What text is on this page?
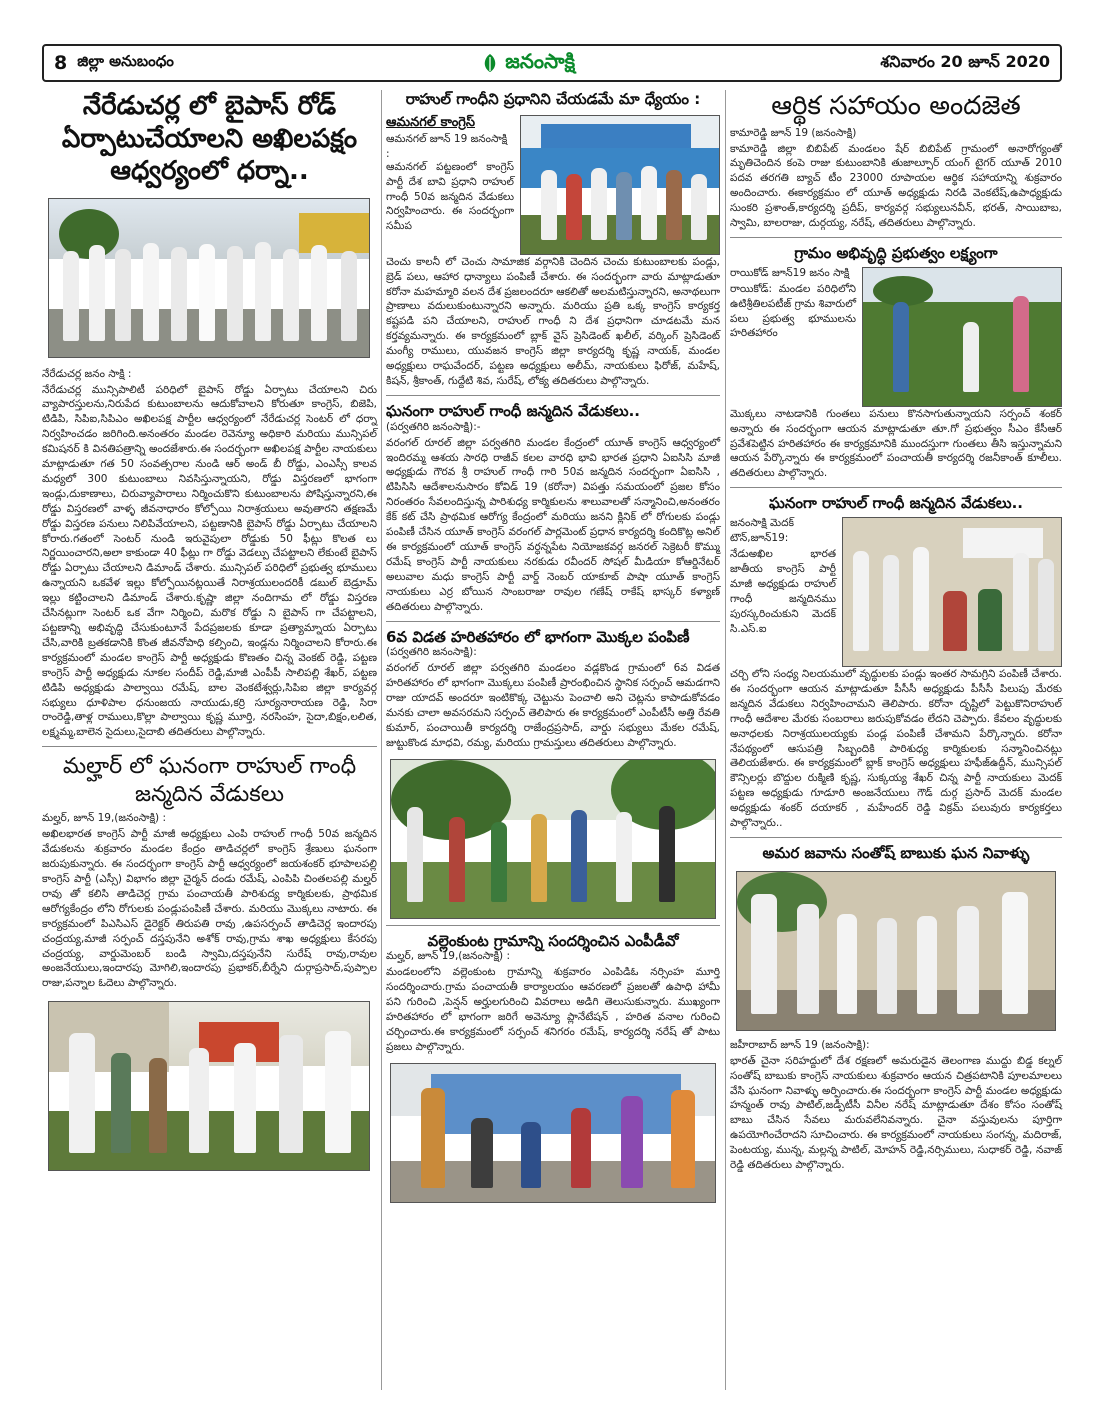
8 జిల్లా అనుబంధం	జనంసాక్షి	శనివారం 20 జూన్ 2020
నేరేడుచర్ల లో బైపాస్ రోడ్ ఏర్పాటుచేయాలని అఖిలపక్షం ఆధ్వర్యంలో ధర్నా..
నేరేడుచర్ల జనం సాక్షి :
నేరేడుచర్ల మున్సిపాలిటీ పరిధిలో బైపాస్ రోడ్డు ఏర్పాటు చేయాలని చిరు వ్యాపారస్తులను,నిరుపేద కుటుంబాలను ఆదుకోవాలని కోరుతూ కాంగ్రెస్, బిజెపి, టిడిపి, సిపిఐ,సిపిఎం అఖిలపక్ష పార్టీల ఆధ్వర్యంలో నేరేడుచర్ల సెంటర్ లో ధర్నా నిర్వహించడం జరిగింది.అనంతరం మండల రెవెన్యూ అధికారి మరియు మున్సిపల్ కమిషనర్ కి వినతిపత్రాన్ని అందజేశారు.ఈ సందర్భంగా అఖిలపక్ష పార్టీల నాయకులు మాట్లాడుతూ గత 50 సంవత్సరాల నుండి ఆర్ అండ్ బీ రోడ్డు, ఎంఎస్సీ కాలవ మధ్యలో 300 కుటుంబాలు నివసిస్తున్నాయని, రోడ్డు విస్తరణలో భాగంగా ఇండ్లు,దుకాణాలు, చిరువ్యాపారాలు నిర్మించుకొని కుటుంబాలను పోషిస్తున్నారని,ఈ రోడ్డు విస్తరణలో వాళ్ళ జీవనాధారం కోల్పోయి నిరాశ్రయులు అవుతారని తక్షణమే రోడ్డు విస్తరణ పనులు నిలిపివేయాలని, పట్టణానికి బైపాస్ రోడ్డు ఏర్పాటు చేయాలని కోరారు.గతంలో సెంటర్ నుండి ఇరువైపులా రోడ్డుకు 50 ఫీట్లు కొలత లు నిర్ణయించారని,అలా కాకుండా 40 ఫీట్లు గా రోడ్డు వెడల్పు చేపట్టాలని లేకుంటే బైపాస్ రోడ్డు ఏర్పాటు చేయాలని డిమాండ్ చేశారు. మున్సిపల్ పరిధిలో ప్రభుత్వ భూములు ఉన్నాయని ఒకవేళ ఇల్లు కోల్పోయినట్లయితే నిరాశ్రయులందరికీ డబుల్ బెడ్రూమ్ ఇల్లు కట్టించాలని డిమాండ్ చేశారు.కృష్ణా జిల్లా నందిగామ లో రోడ్డు విస్తరణ చేసినట్లుగా సెంటర్ ఒక వేగా నిర్మించి, మరొక రోడ్డు ని బైపాస్ గా చేపట్టాలని, పట్టణాన్ని అభివృద్ధి చేసుకుంటూనే పేదప్రజలకు కూడా ప్రత్యామ్నాయ ఏర్పాటు చేసి,వారికి బ్రతకడానికి కొంత జీవనోపాధి కల్పించి, ఇండ్లను నిర్మించాలని కోరారు.ఈ కార్యక్రమంలో మండల కాంగ్రెస్ పార్టీ అధ్యక్షుడు కొణతం చిన్న వెంకట్ రెడ్డి, పట్టణ కాంగ్రెస్ పార్టీ అధ్యక్షుడు నూకల సందీప్ రెడ్డి,మాజీ ఎంపీపీ సాలిపల్లి శేఖర్, పట్టణ టిడిపి అధ్యక్షుడు పాల్వాయి రమేష్, బాల వెంకటేశ్వర్లు,సిపిఐ జిల్లా కార్యవర్గ సభ్యులు ధూళిపాల ధనుంజయ నాయుడు,కర్రి సూర్యనారాయణ రెడ్డి, సిరా రాంరెడ్డి,తాళ్ల రాములు,కొల్లా పాల్వాయి కృష్ణ మూర్తి, నరసింహ, సైదా,బిక్షం,లలిత, లక్ష్మమ్మ,బాలెన సైదులు,సైదాబి తదితరులు పాల్గొన్నారు.
మల్హార్ లో ఘనంగా రాహుల్ గాంధీ జన్మదిన వేడుకలు
మల్హర్, జూన్ 19,(జనంసాక్షి) :
అఖిలభారత కాంగ్రెస్ పార్టీ మాజీ అధ్యక్షులు ఎంపి రాహుల్ గాంధీ 50వ జన్మదిన వేడుకలను శుక్రవారం మండల కేంద్రం తాడిచర్లలో కాంగ్రెస్ శ్రేణులు ఘనంగా జరుపుకున్నారు. ఈ సందర్భంగా కాంగ్రెస్ పార్టీ ఆధ్వర్యంలో జయశంకర్ భూపాలపల్లి కాంగ్రెస్ పార్టీ (ఎస్సీ) విభాగం జిల్లా చైర్మన్ దండు రమేష్, ఎంపిపి చింతలపల్లి మల్హర్ రావు తో కలిసి తాడిచెర్ల గ్రామ పంచాయతీ పారిశుద్య కార్మికులకు, ప్రాథమిక ఆరోగ్యకేంద్రం లోని రోగులకు పండ్లుపంపిణీ చేశారు. మరియు మొక్కలు నాటారు. ఈ కార్యక్రమంలో పిఎసిఎస్ డైరెక్టర్ తిరుపతి రావు ,ఉపసర్పంచ్ తాడిచెర్ల ఇందారపు చంద్రయ్య,మాజీ సర్పంచ్ దస్తపునేని అశోక్ రావు,గ్రామ శాఖ అధ్యక్షులు కేసరపు చంద్రయ్య, వార్డుమెంబర్ బండి స్వామి,దస్తపునేని సురేష్ రావు,రావుల అంజనేయులు,ఇందారపు మోగిలి,ఇందారపు ప్రభాకర్,బీర్నేని దుర్గాప్రసాద్,పుప్పాల రాజు,పన్నాల ఓదెలు పాల్గొన్నారు.
రాహుల్ గాంధీని ప్రధానిని చేయడమే మా ధ్యేయం :
ఆమనగల్ కాంగ్రెస్
ఆమనగల్ జూన్ 19 జనంసాక్షి :
ఆమనగల్ పట్టణంలో కాంగ్రెస్ పార్టీ దేశ బావి ప్రధాని రాహుల్ గాంధీ 50వ జన్మదిన వేడుకలు నిర్వహించారు. ఈ సందర్భంగా సమీప
చెంచు కాలనీ లో చెంచు సామాజిక వర్గానికి చెందిన చెంచు కుటుంబాలకు పండ్లు, బ్రెడ్ పలు, ఆహార ధాన్యాలు పంపిణీ చేశారు. ఈ సందర్భంగా వారు మాట్లాడుతూ కరోనా మహమ్మారి వలన దేశ ప్రజలందరూ ఆకలితో అలమటిస్తున్నారని, అనాథలుగా ప్రాణాలు వదులుకుంటున్నారని అన్నారు. మరియు ప్రతి ఒక్క కాంగ్రెస్ కార్యకర్త కష్టపడి పని చేయాలని, రాహుల్ గాంధీ ని దేశ ప్రధానిగా చూడటమే మన కర్తవ్యమన్నారు. ఈ కార్యక్రమంలో బ్లాక్ వైస్ ప్రెసిడెంట్ ఖలీల్, వర్కింగ్ ప్రెసిడెంట్ మంగ్యీ రాములు, యువజన కాంగ్రెస్ జిల్లా కార్యదర్శి కృష్ణ నాయక్, మండల అధ్యక్షులు రాఘవేందర్, పట్టణ అధ్యక్షులు అలీమ్, నాయకులు ఫిరోజ్, మహేష్, కిషన్, శ్రీకాంత్, గుద్దేటి శివ, సురేష్, లోక్య తదితరులు పాల్గొన్నారు.
ఘనంగా రాహుల్ గాంధీ జన్మదిన వేడుకలు..
(పర్వతగిరి జనంసాక్షి):-
వరంగల్ రూరల్ జిల్లా పర్వతగిరి మండల కేంద్రంలో యూత్ కాంగ్రెస్ ఆధ్వర్యంలో ఇందిరమ్మ ఆశయ సారధి రాజీవ్ కలల వారధి భావి భారత ప్రధాని ఏఐసిసి మాజీ అధ్యక్షుడు గౌరవ శ్రీ రాహుల్ గాంధీ గారి 50వ జన్మదిన సందర్భంగా ఏఐసిసి , టిపిసిసి ఆదేశాలనుసారం కోవిడ్ 19 (కరోనా) విపత్తు సమయంలో ప్రజల కోసం నిరంతరం సేవలందిస్తున్న పారిశుధ్య కార్మికులను శాలువాలతో సన్మానించి,అనంతరం కేక్ కట్ చేసి ప్రాథమిక ఆరోగ్య కేంద్రంలో మరియు జనని క్లినిక్ లో రోగులకు పండ్లు పంపిణీ చేసిన యూత్ కాంగ్రెస్ వరంగల్ పార్లమెంట్ ప్రధాన కార్యదర్శి కందికొట్ల అనిల్ ఈ కార్యక్రమంలో యూత్ కాంగ్రెస్ వర్ధన్నపేట నియోజకవర్గ జనరల్ సెక్రెటరీ కొమ్ము రమేష్ కాంగ్రెస్ పార్టీ నాయకులు నరకుడు రవీందర్ సోషల్ మీడియా కోఆర్డినేటర్ అలువాల మధు కాంగ్రెస్ పార్టీ వార్డ్ నెంబర్ యాకూబ్ పాషా యూత్ కాంగ్రెస్ నాయకులు ఎర్ర బోయిన సాంబరాజు రావుల గణేష్ రాకేష్ భాస్కర్ కళ్యాణ్ తదితరులు పాల్గొన్నారు.
6వ విడత హరితహారం లో భాగంగా మొక్కల పంపిణీ
(పర్వతగిరి జనంసాక్షి):
వరంగల్ రూరల్ జిల్లా పర్వతగిరి మండలం వడ్లకొండ గ్రామంలో 6వ విడత హరితహారం లో భాగంగా మొక్కలు పంపిణీ ప్రారంభించిన స్థానిక సర్పంచ్ ఆమడగాని రాజు యాదవ్ అందరూ ఇంటికొక్క చెట్టును పెంచాలి అని చెట్లను కాపాడుకోవడం మనకు చాలా అవసరమని సర్పంచ్ తెలిపారు ఈ కార్యక్రమంలో ఎంపీటీసీ అత్తి రేవతి కుమార్, పంచాయితీ కార్యదర్శి రాజేంద్రప్రసాద్, వార్డు సభ్యులు మేకల రమేష్, జుట్టుకొండ మాధవి, రమ్య, మరియు గ్రామస్తులు తదితరులు పాల్గొన్నారు.
వల్లెంకుంట గ్రామాన్ని సందర్శించిన ఎంపీడీవో
మల్హర్, జూన్ 19,(జనంసాక్షి) :
మండలంలోని వల్లెంకుంట గ్రామాన్ని శుక్రవారం ఎంపిడిఓ నర్సింహ మూర్తి సందర్శించారు.గ్రామ పంచాయతీ కార్యాలయం ఆవరణలో ప్రజలతో ఉపాధి హామీ పని గురించి ,పెన్షన్ అర్హులగురించి వివరాలు అడిగి తెలుసుకున్నారు. ముఖ్యంగా హరితహారం లో భాగంగా జరిగే అవెన్యూ ప్లానేటేషన్ , హరిత వనాల గురించి చర్చించారు.ఈ కార్యక్రమంలో సర్పంచ్ శనిగరం రమేష్, కార్యదర్శి నరేష్ తో పాటు ప్రజలు పాల్గొన్నారు.
ఆర్థిక సహాయం అందజెత
కామారెడ్డి జూన్ 19 (జనంసాక్షి)
కామారెడ్డి జిల్లా బిబిపేట్ మండలం షేర్ బిబిపేట్ గ్రామంలో అనారోగ్యంతో మృతిచెందిన కంపె రాజు కుటుంబానికి తుజాల్పూర్ యంగ్ టైగర్ యూత్ 2010 పదవ తరగతి బ్యాచ్ టీం 23000 రూపాయల ఆర్థిక సహాయాన్ని శుక్రవారం అందించారు. ఈకార్యక్రమం లో యూత్ అధ్యక్షుడు నిరడి వెంకటేష్,ఉపాధ్యక్షుడు సుంకరి ప్రశాంత్,కార్యదర్శి ప్రదీప్, కార్యవర్గ సభ్యులునవీన్, భరత్, సాయిబాబ, స్వామి, బాలరాజు, దుర్గయ్య, నరేష్, తదితరులు పాల్గొన్నారు.
గ్రామం అభివృద్ధి ప్రభుత్వం లక్ష్యంగా
రాయికోడ్ జూన్19 జనం సాక్షి
రాయికోడ్: మండల పరిధిలోని ఉటిశ్రీతిలపటీజ్ గ్రామ శివారులో పలు ప్రభుత్వ భూములను హరితహారం
మొక్కలు నాటడానికి గుంతలు పనులు కొనసాగుతున్నాయని సర్పంచ్ శంకర్ అన్నారు ఈ సందర్భంగా ఆయన మాట్లాడుతూ తూ.గో ప్రభుత్వం సీఎం కేసీఆర్ ప్రవేశపెట్టిన హరితహారం ఈ కార్యక్రమానికి ముందస్తుగా గుంతలు తీసి ఇస్తున్నామని ఆయన పేర్కొన్నారు ఈ కార్యక్రమంలో పంచాయతీ కార్యదర్శి రజనీకాంత్ కూలీలు. తదితరులు పాల్గొన్నారు.
ఘనంగా రాహుల్ గాంధీ జన్మదిన వేడుకలు..
జనంసాక్షి మెదక్ టౌన్,జూన్19:
నేడుఅఖిల భారత జాతీయ కాంగ్రెస్ పార్టీ మాజీ అధ్యక్షుడు రాహుల్ గాంధీ జన్మదినము పురస్కరించుకుని మెదక్ సి.ఎస్.ఐ
చర్చి లోని సంధ్య నిలయములో వృద్ధులకు పండ్లు ఇంతర సామగ్రిని పంపిణీ చేశారు. ఈ సందర్భంగా ఆయన మాట్లాడుతూ పీసీసీ అధ్యక్షుడు పీసీసీ పిలుపు మేరకు జన్మదిన వేడుకలు నిర్వహించామని తెలిపారు. కరోనా దృష్టిలో పెట్టుకొనిరాహుల్ గాంధీ ఆదేశాల మేరకు సంబరాలు జరుపుకోవడం లేదని చెప్పారు. కేవలం వృద్ధులకు అనాధలకు నిరాశ్రయులయ్యకు పండ్ల పంపిణీ చేశామని పేర్కొన్నారు. కరోనా నేపథ్యంలో ఆసుపత్రి సిబ్బందికి పారిశుధ్య కార్మికులకు సన్మానించినట్లు తెలియజేశారు. ఈ కార్యక్రమంలో బ్లాక్ కాంగ్రెస్ అధ్యక్షులు హఫీజ్ఉద్దీన్, మున్సిపల్ కౌన్సిలర్లు బొద్దుల రుక్మిణి కృష్ణ, సుక్కయ్య శేఖర్ చిన్న పార్టీ నాయకులు మెదక్ పట్టణ అధ్యక్షుడు గూడూరి అంజనేయులు గౌడ్ దుర్గ ప్రసాద్ మెదక్ మండల అధ్యక్షుడు శంకర్ దయాకర్ , మహేందర్ రెడ్డి విక్రమ్ పలువురు కార్యకర్తలు పాల్గొన్నారు..
అమర జవాను సంతోష్ బాబుకు ఘన నివాళ్ళు
జహీరాబాద్ జూన్ 19 (జనంసాక్షి):
భారత్ చైనా సరిహద్దులో దేశ రక్షణలో అమరుడైన తెలంగాణ ముద్దు బిడ్డ కల్నల్ సంతోష్ బాబుకు కాంగ్రెస్ నాయకులు శుక్రవారం ఆయన చిత్రపటానికి పూలమాలలు వేసి ఘనంగా నివాళ్ళు అర్పించారు.ఈ సందర్భంగా కాంగ్రెస్ పార్టీ మండల అధ్యక్షుడు హన్మంత్ రావు పాటిల్,జడ్పీటీసీ వినీల నరేష్ మాట్లాడుతూ దేశం కోసం సంతోష్ బాబు చేసిన సేవలు మరువలేనివన్నారు. చైనా వస్తువులను పూర్తిగా ఉపయోగించేరాదని సూచించారు. ఈ కార్యక్రమంలో నాయకులు సంగన్న, మదిరాజ్, పెంటయ్య, మున్న, మల్లన్న పాటిల్, మోహన్ రెడ్డి,నర్సిములు, సుధాకర్ రెడ్డి, నవాజ్ రెడ్డి తదితరులు పాల్గొన్నారు.
